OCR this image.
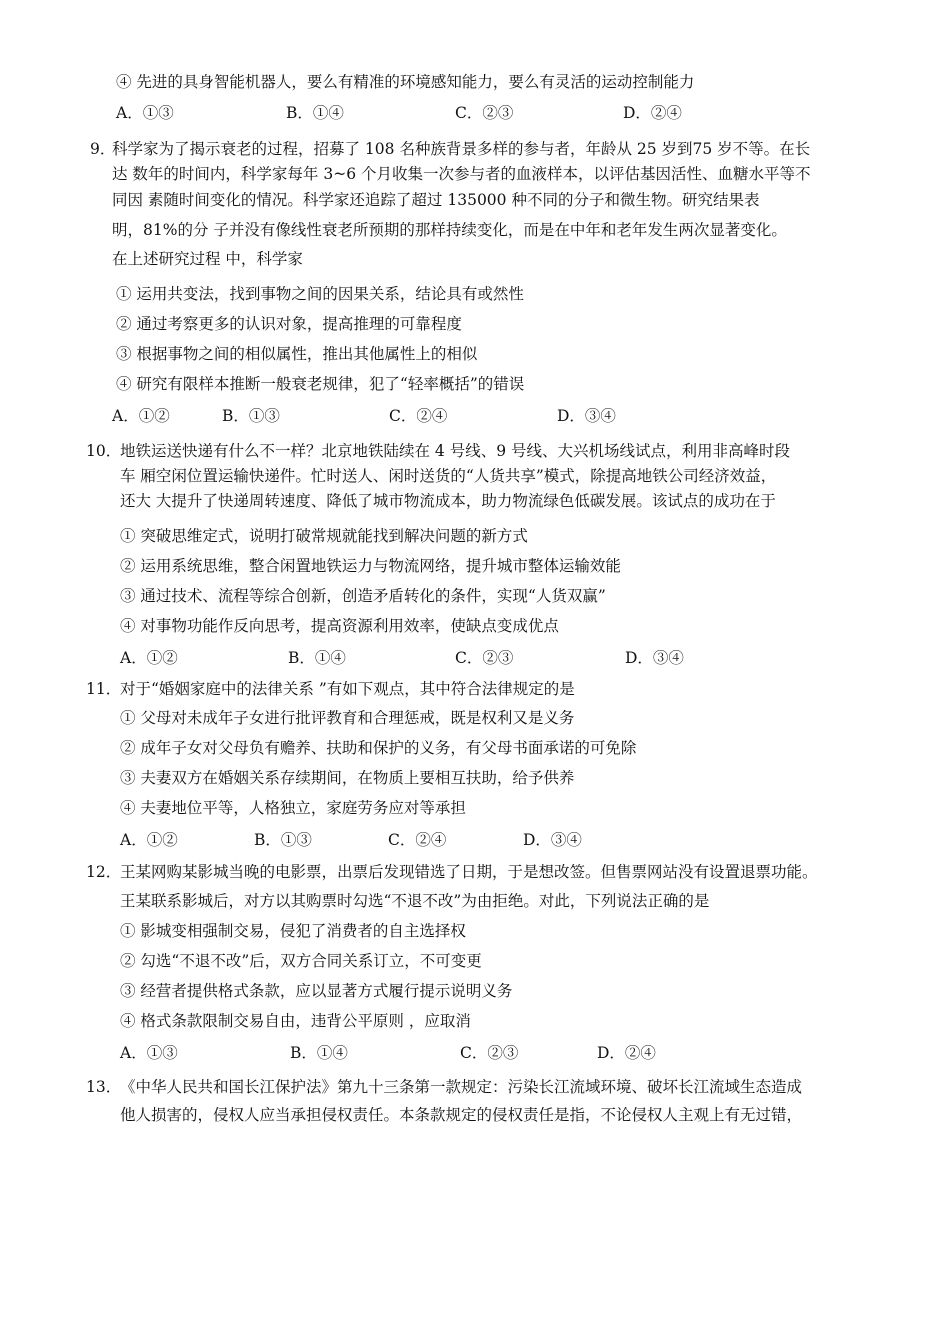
④ 先进的具身智能机器人，要么有精准的环境感知能力，要么有灵活的运动控制能力
A．①③	B．①④	C．②③	D．②④
9．
科学家为了揭示衰老的过程，招募了 108 名种族背景多样的参与者，年龄从 25 岁到75 岁不等。在长
达 数年的时间内，科学家每年 3~6 个月收集一次参与者的血液样本，以评估基因活性、血糖水平等不
同因 素随时间变化的情况。科学家还追踪了超过 135000 种不同的分子和微生物。研究结果表
明，81%的分 子并没有像线性衰老所预期的那样持续变化，而是在中年和老年发生两次显著变化。
在上述研究过程 中，科学家
① 运用共变法，找到事物之间的因果关系，结论具有或然性
② 通过考察更多的认识对象，提高推理的可靠程度
③ 根据事物之间的相似属性，推出其他属性上的相似
④ 研究有限样本推断一般衰老规律，犯了“轻率概括”的错误
A．①②	B．①③	C．②④	D．③④
10．
地铁运送快递有什么不一样？北京地铁陆续在 4 号线、9 号线、大兴机场线试点，利用非高峰时段
车 厢空闲位置运输快递件。忙时送人、闲时送货的“人货共享”模式，除提高地铁公司经济效益，
还大 大提升了快递周转速度、降低了城市物流成本，助力物流绿色低碳发展。该试点的成功在于
① 突破思维定式，说明打破常规就能找到解决问题的新方式
② 运用系统思维，整合闲置地铁运力与物流网络，提升城市整体运输效能
③ 通过技术、流程等综合创新，创造矛盾转化的条件，实现“人货双赢”
④ 对事物功能作反向思考，提高资源利用效率，使缺点变成优点
A．①②	B．①④	C．②③	D．③④
11．
对于“婚姻家庭中的法律关系 ”有如下观点，其中符合法律规定的是
① 父母对未成年子女进行批评教育和合理惩戒，既是权利又是义务
② 成年子女对父母负有赡养、扶助和保护的义务，有父母书面承诺的可免除
③ 夫妻双方在婚姻关系存续期间，在物质上要相互扶助，给予供养
④ 夫妻地位平等，人格独立，家庭劳务应对等承担
A．①②	B．①③	C．②④	D．③④
12．
王某网购某影城当晚的电影票，出票后发现错选了日期，于是想改签。但售票网站没有设置退票功能。
王某联系影城后，对方以其购票时勾选“不退不改”为由拒绝。对此，下列说法正确的是
① 影城变相强制交易，侵犯了消费者的自主选择权
② 勾选“不退不改”后，双方合同关系订立，不可变更
③ 经营者提供格式条款，应以显著方式履行提示说明义务
④ 格式条款限制交易自由，违背公平原则 ，应取消
A．①③	B．①④	C．②③	D．②④
13．
《中华人民共和国长江保护法》第九十三条第一款规定：污染长江流域环境、破坏长江流域生态造成
他人损害的，侵权人应当承担侵权责任。本条款规定的侵权责任是指，不论侵权人主观上有无过错，
